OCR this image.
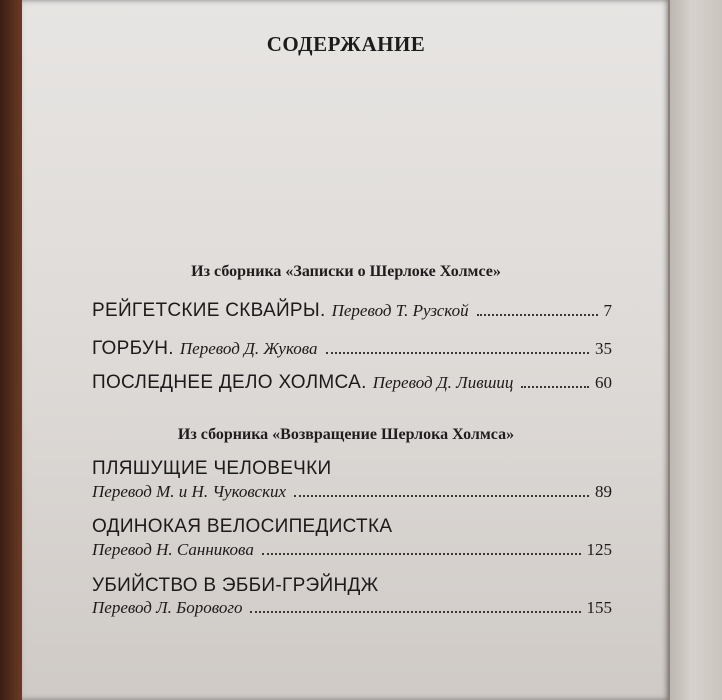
СОДЕРЖАНИЕ
Из сборника «Записки о Шерлоке Холмсе»
РЕЙГЕТСКИЕ СКВАЙРЫ. Перевод Т. Рузской	7
ГОРБУН. Перевод Д. Жукова	35
ПОСЛЕДНЕЕ ДЕЛО ХОЛМСА. Перевод Д. Лившиц	60
Из сборника «Возвращение Шерлока Холмса»
ПЛЯШУЩИЕ ЧЕЛОВЕЧКИ
Перевод М. и Н. Чуковских	89
ОДИНОКАЯ ВЕЛОСИПЕДИСТКА
Перевод Н. Санникова	125
УБИЙСТВО В ЭББИ-ГРЭЙНДЖ
Перевод Л. Борового	155
